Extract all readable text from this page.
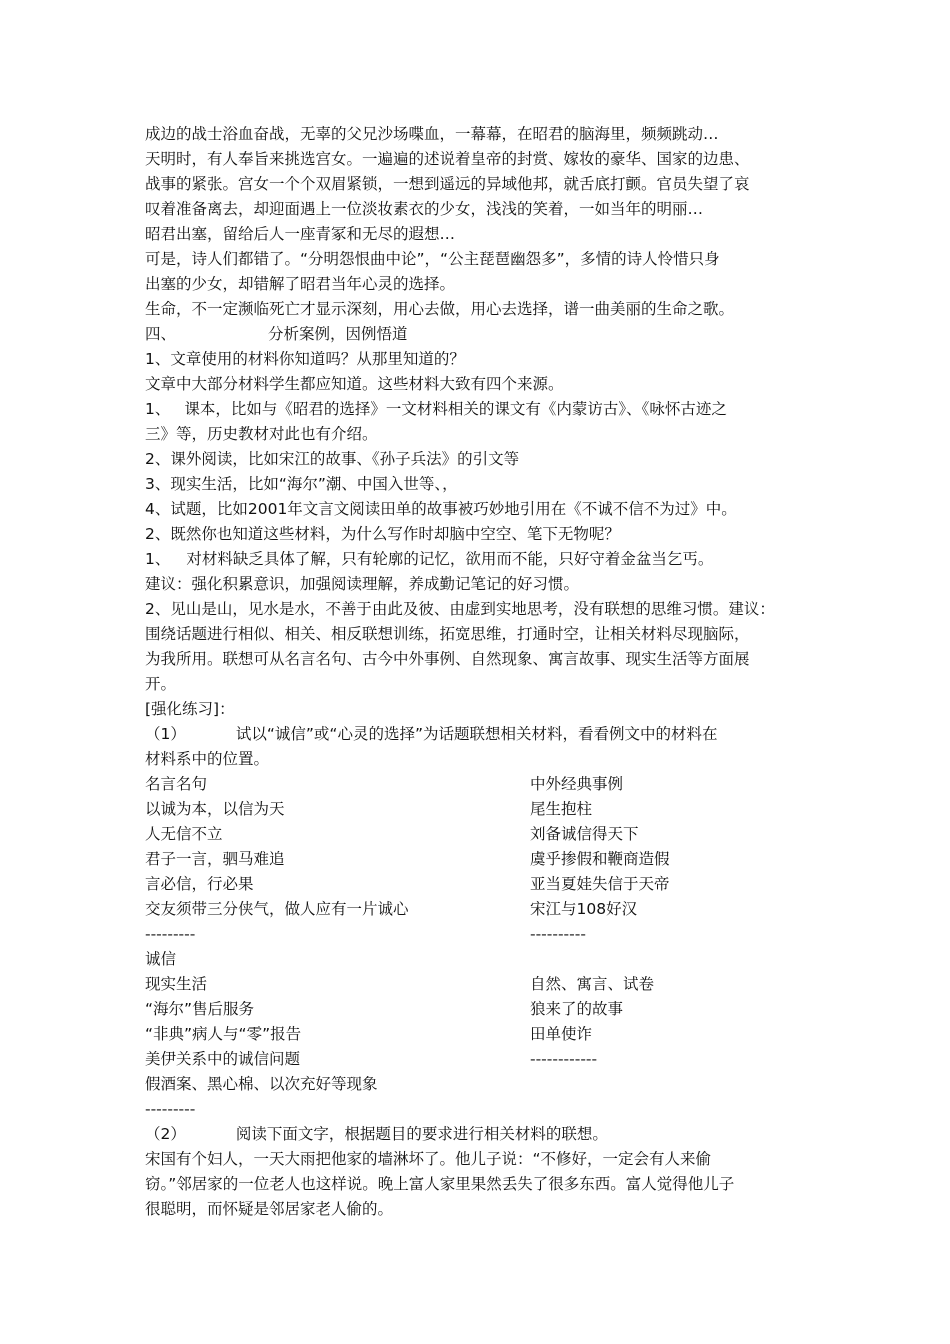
成边的战士浴血奋战，无辜的父兄沙场喋血，一幕幕，在昭君的脑海里，频频跳动…
天明时，有人奉旨来挑选宫女。一遍遍的述说着皇帝的封赏、嫁妆的豪华、国家的边患、
战事的紧张。宫女一个个双眉紧锁，一想到遥远的异域他邦，就舌底打颤。官员失望了哀
叹着准备离去，却迎面遇上一位淡妆素衣的少女，浅浅的笑着，一如当年的明丽…
昭君出塞，留给后人一座青冢和无尽的遐想…
可是，诗人们都错了。“分明怨恨曲中论”，“公主琵琶幽怨多”，多情的诗人怜惜只身
出塞的少女，却错解了昭君当年心灵的选择。
生命，不一定濒临死亡才显示深刻，用心去做，用心去选择，谱一曲美丽的生命之歌。
四、	分析案例，因例悟道
1、文章使用的材料你知道吗？从那里知道的？
文章中大部分材料学生都应知道。这些材料大致有四个来源。
1、 课本，比如与《昭君的选择》一文材料相关的课文有《内蒙访古》、《咏怀古迹之
三》等，历史教材对此也有介绍。
2、课外阅读，比如宋江的故事、《孙子兵法》的引文等
3、现实生活，比如“海尔”潮、中国入世等、，
4、试题，比如2001年文言文阅读田单的故事被巧妙地引用在《不诚不信不为过》中。
2、既然你也知道这些材料，为什么写作时却脑中空空、笔下无物呢？
1、 对材料缺乏具体了解，只有轮廓的记忆，欲用而不能，只好守着金盆当乞丐。
建议：强化积累意识，加强阅读理解，养成勤记笔记的好习惯。
2、见山是山，见水是水，不善于由此及彼、由虚到实地思考，没有联想的思维习惯。建议：
围绕话题进行相似、相关、相反联想训练，拓宽思维，打通时空，让相关材料尽现脑际，
为我所用。联想可从名言名句、古今中外事例、自然现象、寓言故事、现实生活等方面展
开。
[强化练习]：
（1）	试以“诚信”或“心灵的选择”为话题联想相关材料，看看例文中的材料在
材料系中的位置。
名言名句	中外经典事例
以诚为本，以信为天	尾生抱柱
人无信不立	刘备诚信得天下
君子一言，驷马难追	虞乎掺假和鞭商造假
言必信，行必果	亚当夏娃失信于天帝
交友须带三分侠气，做人应有一片诚心	宋江与108好汉
---------	----------
诚信
现实生活	自然、寓言、试卷
“海尔”售后服务	狼来了的故事
“非典”病人与“零”报告	田单使诈
美伊关系中的诚信问题	------------
假酒案、黑心棉、以次充好等现象
---------
（2）	阅读下面文字，根据题目的要求进行相关材料的联想。
宋国有个妇人，一天大雨把他家的墙淋坏了。他儿子说：“不修好，一定会有人来偷
窃。”邻居家的一位老人也这样说。晚上富人家里果然丢失了很多东西。富人觉得他儿子
很聪明，而怀疑是邻居家老人偷的。
